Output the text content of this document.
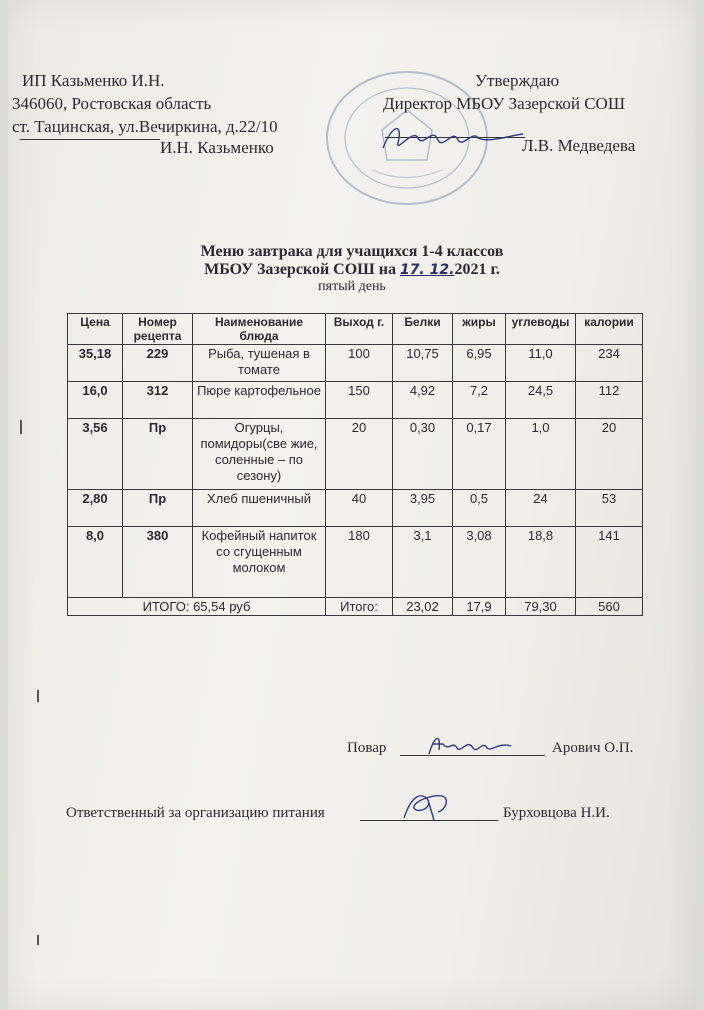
ИП Казьменко И.Н.
346060, Ростовская область
ст. Тацинская, ул.Вечиркина, д.22/10
И.Н. Казьменко
Утверждаю
Директор МБОУ Зазерской СОШ
Л.В. Медведева
Меню завтрака для учащихся 1-4 классов
МБОУ Зазерской СОШ на 17. 12.2021 г.
пятый день
Цена	Номер рецепта	Наименование блюда	Выход г.	Белки	жиры	углеводы	калории
35,18	229	Рыба, тушеная в томате	100	10,75	6,95	11,0	234
16,0	312	Пюре картофельное	150	4,92	7,2	24,5	112
3,56	Пр	Огурцы, помидоры(све жие, соленные – по сезону)	20	0,30	0,17	1,0	20
2,80	Пр	Хлеб пшеничный	40	3,95	0,5	24	53
8,0	380	Кофейный напиток со сгущенным молоком	180	3,1	3,08	18,8	141
ИТОГО: 65,54 руб			Итого:	23,02	17,9	79,30	560
Повар	Арович О.П.
Ответственный за организацию питания	Бурховцова Н.И.
